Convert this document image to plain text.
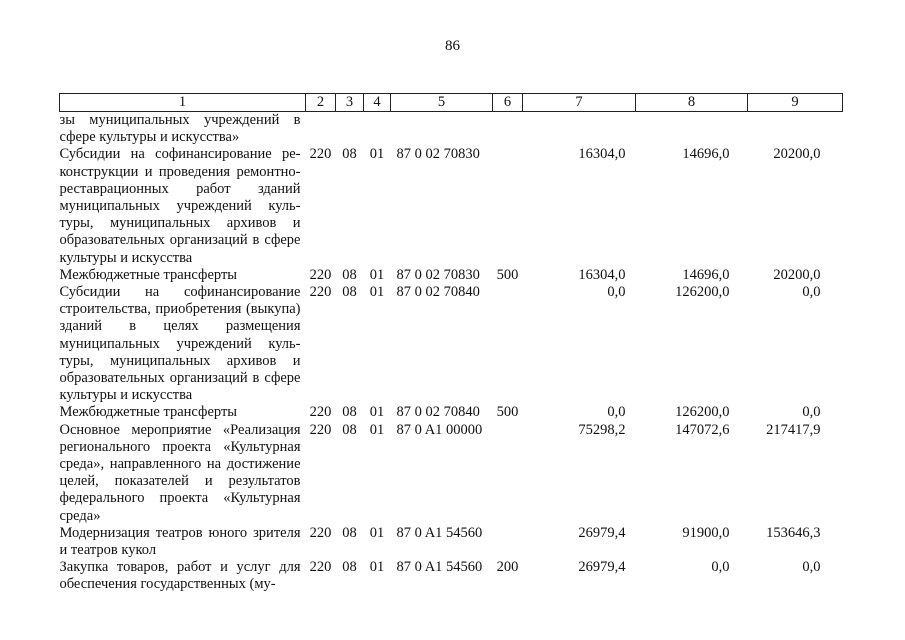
86
1	2	3	4	5	6	7	8	9
зы муниципальных учреждений в сфере культуры и искусства»								
Субсидии на софинансирование реконструкции и проведения ремонтно-реставрационных работ зданий муниципальных учреждений культуры, муниципальных архивов и образовательных организаций в сфере культуры и искусства	220	08	01	87 0 02 70830		16304,0	14696,0	20200,0
Межбюджетные трансферты	220	08	01	87 0 02 70830	500	16304,0	14696,0	20200,0
Субсидии на софинансирование строительства, приобретения (выкупа) зданий в целях размещения муниципальных учреждений культуры, муниципальных архивов и образовательных организаций в сфере культуры и искусства	220	08	01	87 0 02 70840		0,0	126200,0	0,0
Межбюджетные трансферты	220	08	01	87 0 02 70840	500	0,0	126200,0	0,0
Основное мероприятие «Реализация регионального проекта «Культурная среда», направленного на достижение целей, показателей и результатов федерального проекта «Культурная среда»	220	08	01	87 0 A1 00000		75298,2	147072,6	217417,9
Модернизация театров юного зрителя и театров кукол	220	08	01	87 0 A1 54560		26979,4	91900,0	153646,3
Закупка товаров, работ и услуг для обеспечения государственных (му-	220	08	01	87 0 A1 54560	200	26979,4	0,0	0,0
